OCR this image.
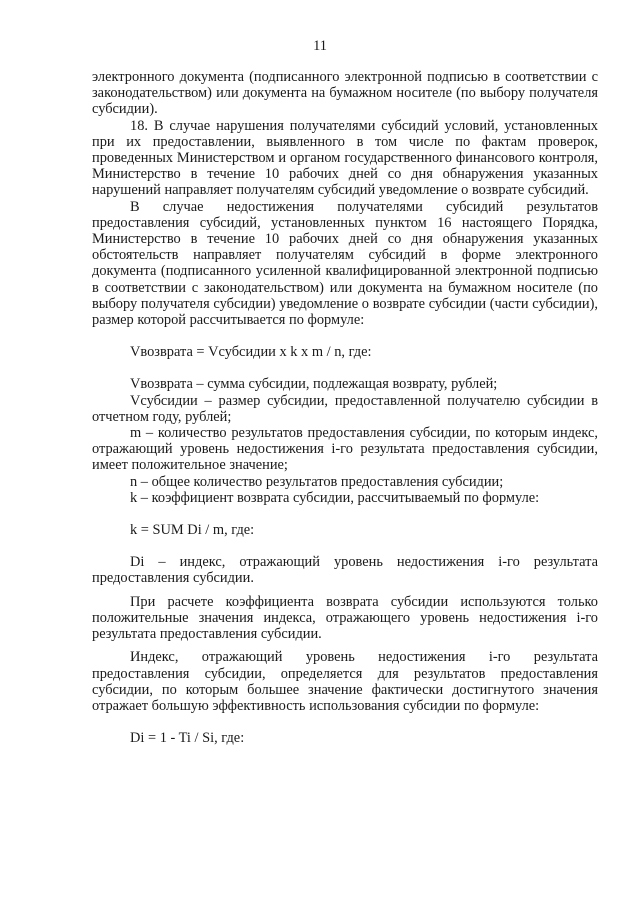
11

электронного документа (подписанного электронной подписью в соответствии с законодательством) или документа на бумажном носителе (по выбору получателя субсидии).

18. В случае нарушения получателями субсидий условий, установленных при их предоставлении, выявленного в том числе по фактам проверок, проведенных Министерством и органом государственного финансового контроля, Министерство в течение 10 рабочих дней со дня обнаружения указанных нарушений направляет получателям субсидий уведомление о возврате субсидий.

В случае недостижения получателями субсидий результатов предоставления субсидий, установленных пунктом 16 настоящего Порядка, Министерство в течение 10 рабочих дней со дня обнаружения указанных обстоятельств направляет получателям субсидий в форме электронного документа (подписанного усиленной квалифицированной электронной подписью в соответствии с законодательством) или документа на бумажном носителе (по выбору получателя субсидии) уведомление о возврате субсидии (части субсидии), размер которой рассчитывается по формуле:

Vвозврата = Vсубсидии x k x m / n, где:

Vвозврата – сумма субсидии, подлежащая возврату, рублей;

Vсубсидии – размер субсидии, предоставленной получателю субсидии в отчетном году, рублей;

m – количество результатов предоставления субсидии, по которым индекс, отражающий уровень недостижения i-го результата предоставления субсидии, имеет положительное значение;

n – общее количество результатов предоставления субсидии;

k – коэффициент возврата субсидии, рассчитываемый по формуле:

k = SUM Di / m, где:

Di – индекс, отражающий уровень недостижения i-го результата предоставления субсидии.

При расчете коэффициента возврата субсидии используются только положительные значения индекса, отражающего уровень недостижения i-го результата предоставления субсидии.

Индекс, отражающий уровень недостижения i-го результата предоставления субсидии, определяется для результатов предоставления субсидии, по которым большее значение фактически достигнутого значения отражает большую эффективность использования субсидии по формуле:

Di = 1 - Ti / Si, где:
